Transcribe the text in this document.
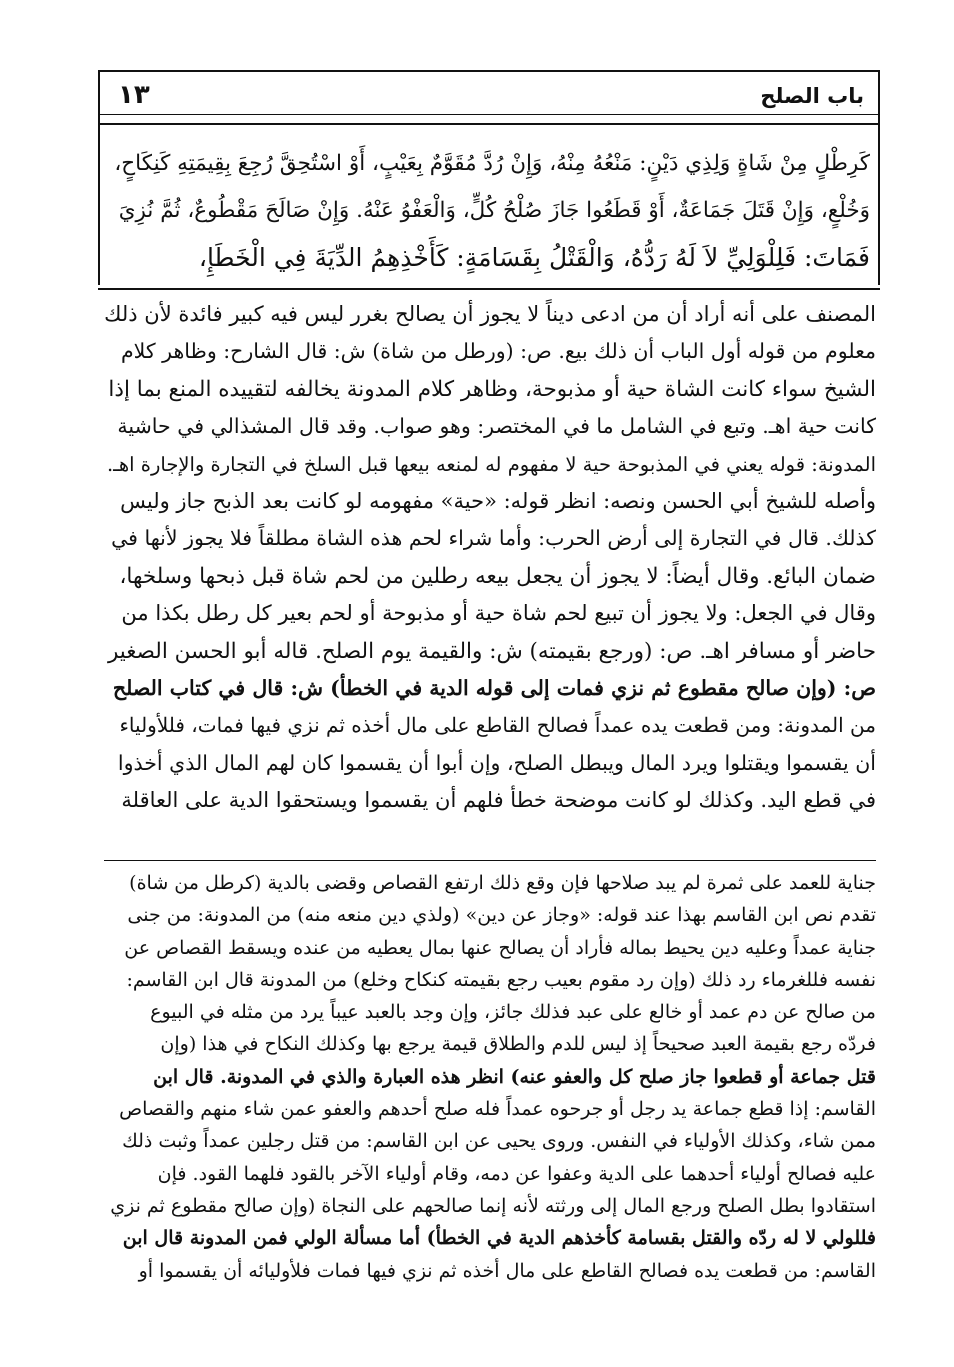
باب الصلح
١٣

كَرِطْلٍ مِنْ شَاةٍ وَلِذِي دَيْنٍ: مَنْعُهُ مِنْهُ، وَإِنْ رُدَّ مُقَوَّمٌ بِعَيْبٍ، أَوْ اسْتُحِقَّ رُجِعَ بِقِيمَتِهِ كَنِكَاحٍ،

وَخُلْعٍ، وَإِنْ قَتَلَ جَمَاعَةٌ، أَوْ قَطَعُوا جَازَ صُلْحُ كُلٍّ، وَالْعَفْوُ عَنْهُ. وَإِنْ صَالَحَ مَقْطُوعٌ، ثُمَّ نُزِيَ

فَمَاتَ: فَلِلْوَلِيِّ لاَ لَهُ رَدُّهُ، وَالْقَتْلُ بِقَسَامَةٍ: كَأَخْذِهِمُ الدِّيَةَ فِي الْخَطَإِ،

المصنف على أنه أراد أن من ادعى ديناً لا يجوز أن يصالح بغرر ليس فيه كبير فائدة لأن ذلك

معلوم من قوله أول الباب أن ذلك بيع. ص: (ورطل من شاة) ش: قال الشارح: وظاهر كلام

الشيخ سواء كانت الشاة حية أو مذبوحة، وظاهر كلام المدونة يخالفه لتقييده المنع بما إذا

كانت حية اهـ. وتبع في الشامل ما في المختصر: وهو صواب. وقد قال المشذالي في حاشية

المدونة: قوله يعني في المذبوحة حية لا مفهوم له لمنعه بيعها قبل السلخ في التجارة والإجارة اهـ.

وأصله للشيخ أبي الحسن ونصه: انظر قوله: «حية» مفهومه لو كانت بعد الذبح جاز وليس

كذلك. قال في التجارة إلى أرض الحرب: وأما شراء لحم هذه الشاة مطلقاً فلا يجوز لأنها في

ضمان البائع. وقال أيضاً: لا يجوز أن يجعل بيعه رطلين من لحم شاة قبل ذبحها وسلخها،

وقال في الجعل: ولا يجوز أن تبيع لحم شاة حية أو مذبوحة أو لحم بعير كل رطل بكذا من

حاضر أو مسافر اهـ. ص: (ورجع بقيمته) ش: والقيمة يوم الصلح. قاله أبو الحسن الصغير

ص: (وإن صالح مقطوع ثم نزي فمات إلى قوله الدية في الخطأ) ش: قال في كتاب الصلح

من المدونة: ومن قطعت يده عمداً فصالح القاطع على مال أخذه ثم نزي فيها فمات، فللأولياء

أن يقسموا ويقتلوا ويرد المال ويبطل الصلح، وإن أبوا أن يقسموا كان لهم المال الذي أخذوا

في قطع اليد. وكذلك لو كانت موضحة خطأ فلهم أن يقسموا ويستحقوا الدية على العاقلة

جناية للعمد على ثمرة لم يبد صلاحها فإن وقع ذلك ارتفع القصاص وقضى بالدية (كرطل من شاة)

تقدم نص ابن القاسم بهذا عند قوله: «وجاز عن دين» (ولذي دين منعه منه) من المدونة: من جنى

جناية عمداً وعليه دين يحيط بماله فأراد أن يصالح عنها بمال يعطيه من عنده ويسقط القصاص عن

نفسه فللغرماء رد ذلك (وإن رد مقوم بعيب رجع بقيمته كنكاح وخلع) من المدونة قال ابن القاسم:

من صالح عن دم عمد أو خالع على عبد فذلك جائز، وإن وجد بالعبد عيباً يرد من مثله في البيوع

فردّه رجع بقيمة العبد صحيحاً إذ ليس للدم والطلاق قيمة يرجع بها وكذلك النكاح في هذا (وإن

قتل جماعة أو قطعوا جاز صلح كل والعفو عنه) انظر هذه العبارة والذي في المدونة. قال ابن

القاسم: إذا قطع جماعة يد رجل أو جرحوه عمداً فله صلح أحدهم والعفو عمن شاء منهم والقصاص

ممن شاء، وكذلك الأولياء في النفس. وروى يحيى عن ابن القاسم: من قتل رجلين عمداً وثبت ذلك

عليه فصالح أولياء أحدهما على الدية وعفوا عن دمه، وقام أولياء الآخر بالقود فلهما القود. فإن

استقادوا بطل الصلح ورجع المال إلى ورثته لأنه إنما صالحهم على النجاة (وإن صالح مقطوع ثم نزي

فللولي لا له ردّه والقتل بقسامة كأخذهم الدية في الخطأ) أما مسألة الولي فمن المدونة قال ابن

القاسم: من قطعت يده فصالح القاطع على مال أخذه ثم نزي فيها فمات فلأوليائه أن يقسموا أو
